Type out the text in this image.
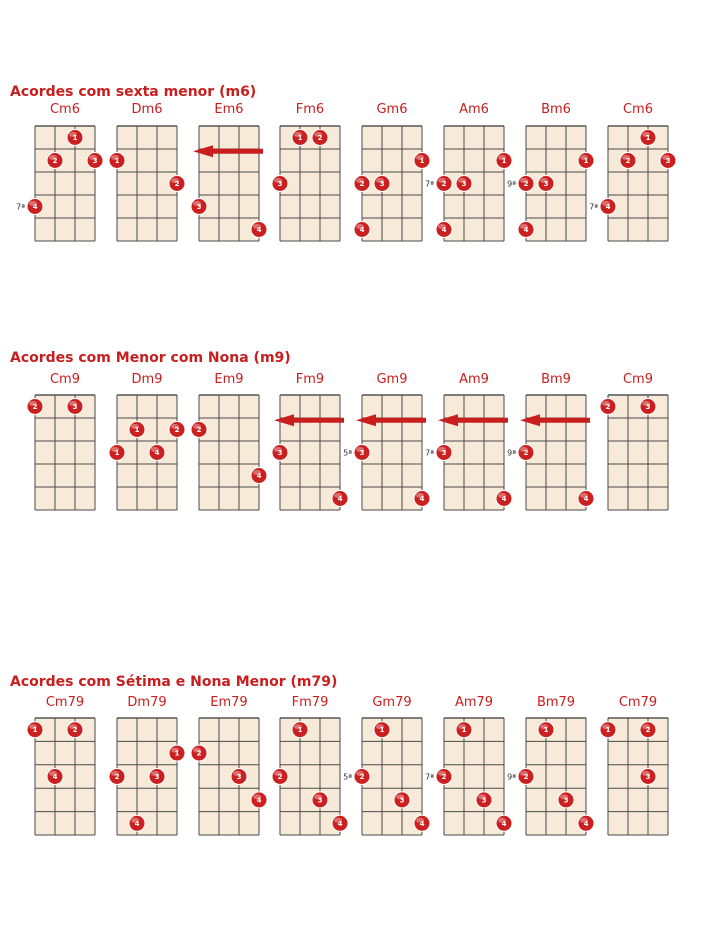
Acordes com sexta menor (m6)
Acordes com Menor com Nona (m9)
Acordes com Sétima e Nona Menor (m79)
Cm6
1
2	3
4
7ª
Dm6
1
2
Em6
3
4
Fm6
1 2
3
Gm6
1
2 3
4
Am6
1
2
7ª	3
4
Bm6
1
2
9ª	3
4
Cm6
1
2	3
4
7ª
Cm9
2	3
Dm9
1	2
1	4
Em9
2
4
Fm9
3
4
Gm9
3
5ª
4
Am9
3
7ª
4
Bm9
2
9ª
4
Cm9
2	3
Cm79
1	2
4
Dm79
1
2	3
4
Em79
2
3
4
Fm79
1
2
3
4
Gm79
1
2
5ª
3
4
Am79
1
2
7ª
3
4
Bm79
1
2
9ª
3
4
Cm79
1	2
3
